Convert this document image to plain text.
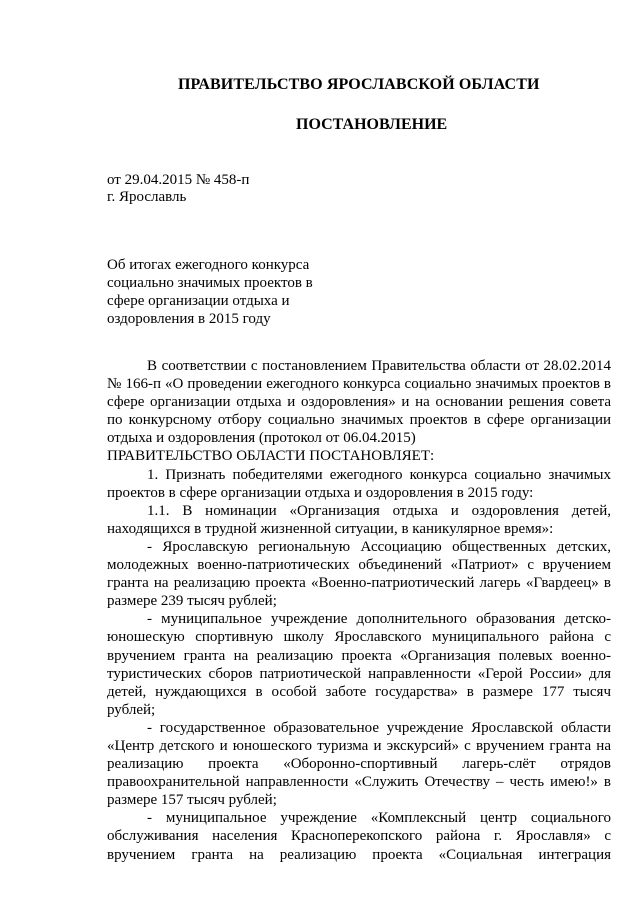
ПРАВИТЕЛЬСТВО ЯРОСЛАВСКОЙ ОБЛАСТИ
ПОСТАНОВЛЕНИЕ
от 29.04.2015 № 458-п
г. Ярославль
Об итогах ежегодного конкурса
социально значимых проектов в
сфере организации отдыха и
оздоровления в 2015 году

В соответствии с постановлением Правительства области от 28.02.2014 № 166-п «О проведении ежегодного конкурса социально значимых проектов в сфере организации отдыха и оздоровления» и на основании решения совета по конкурсному отбору социально значимых проектов в сфере организации отдыха и оздоровления (протокол от 06.04.2015)

ПРАВИТЕЛЬСТВО ОБЛАСТИ ПОСТАНОВЛЯЕТ:

1. Признать победителями ежегодного конкурса социально значимых проектов в сфере организации отдыха и оздоровления в 2015 году:

1.1. В номинации «Организация отдыха и оздоровления детей, находящихся в трудной жизненной ситуации, в каникулярное время»:

- Ярославскую региональную Ассоциацию общественных детских, молодежных военно-патриотических объединений «Патриот» с вручением гранта на реализацию проекта «Военно-патриотический лагерь «Гвардеец» в размере 239 тысяч рублей;

- муниципальное учреждение дополнительного образования детско-юношескую спортивную школу Ярославского муниципального района с вручением гранта на реализацию проекта «Организация полевых военно-туристических сборов патриотической направленности «Герой России» для детей, нуждающихся в особой заботе государства» в размере 177 тысяч рублей;

- государственное образовательное учреждение Ярославской области «Центр детского и юношеского туризма и экскурсий» с вручением гранта на реализацию проекта «Оборонно-спортивный лагерь-слёт отрядов правоохранительной направленности «Служить Отечеству – честь имею!» в размере 157 тысяч рублей;

- муниципальное учреждение «Комплексный центр социального обслуживания населения Красноперекопского района г. Ярославля» с вручением гранта на реализацию проекта «Социальная интеграция
